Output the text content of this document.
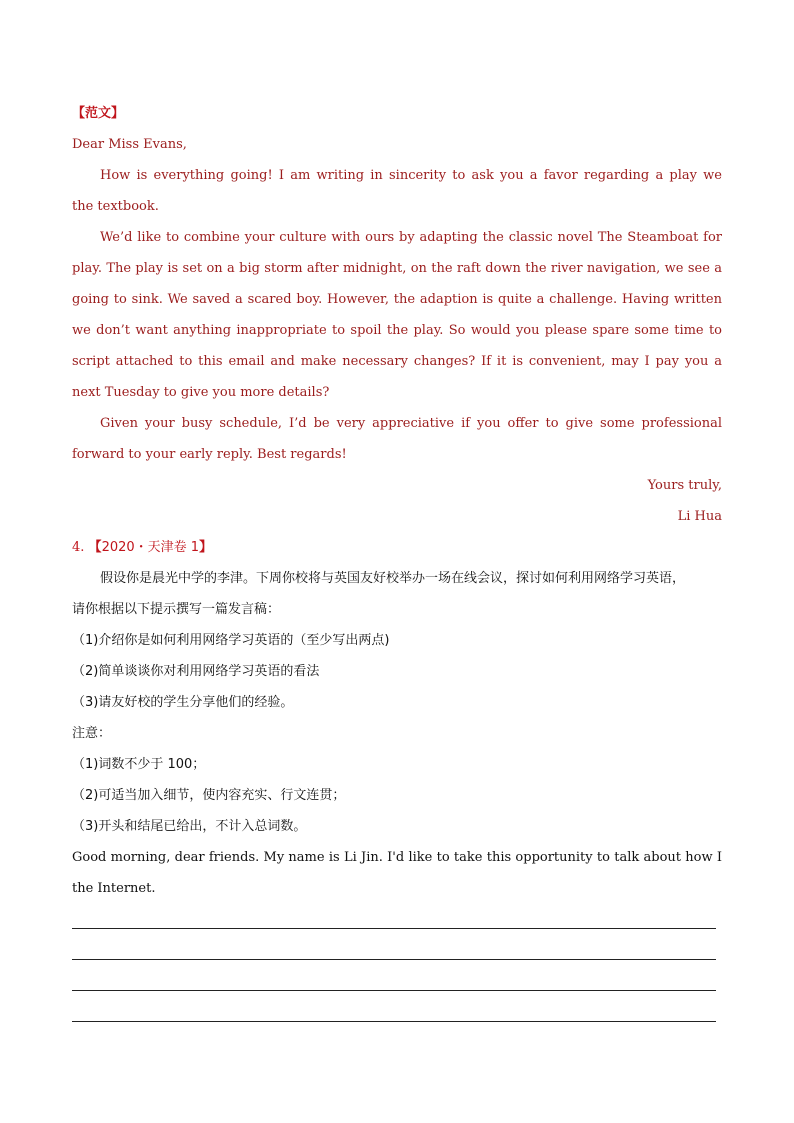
【范文】
Dear Miss Evans,
How is everything going! I am writing in sincerity to ask you a favor regarding a play we
the textbook.
We’d like to combine your culture with ours by adapting the classic novel The Steamboat for
play. The play is set on a big storm after midnight, on the raft down the river navigation, we see a
going to sink. We saved a scared boy. However, the adaption is quite a challenge. Having written
we don’t want anything inappropriate to spoil the play. So would you please spare some time to
script attached to this email and make necessary changes? If it is convenient, may I pay you a
next Tuesday to give you more details?
Given your busy schedule, I’d be very appreciative if you offer to give some professional
forward to your early reply. Best regards!
Yours truly,
Li Hua
4. 【2020・天津卷 1】
假设你是晨光中学的李津。下周你校将与英国友好校举办一场在线会议，探讨如何利用网络学习英语，
请你根据以下提示撰写一篇发言稿：
（1)介绍你是如何利用网络学习英语的（至少写出两点)
（2)简单谈谈你对利用网络学习英语的看法
（3)请友好校的学生分享他们的经验。
注意：
（1)词数不少于 100；
（2)可适当加入细节，使内容充实、行文连贯；
（3)开头和结尾已给出，不计入总词数。
Good morning, dear friends. My name is Li Jin. I'd like to take this opportunity to talk about how I
the Internet.
